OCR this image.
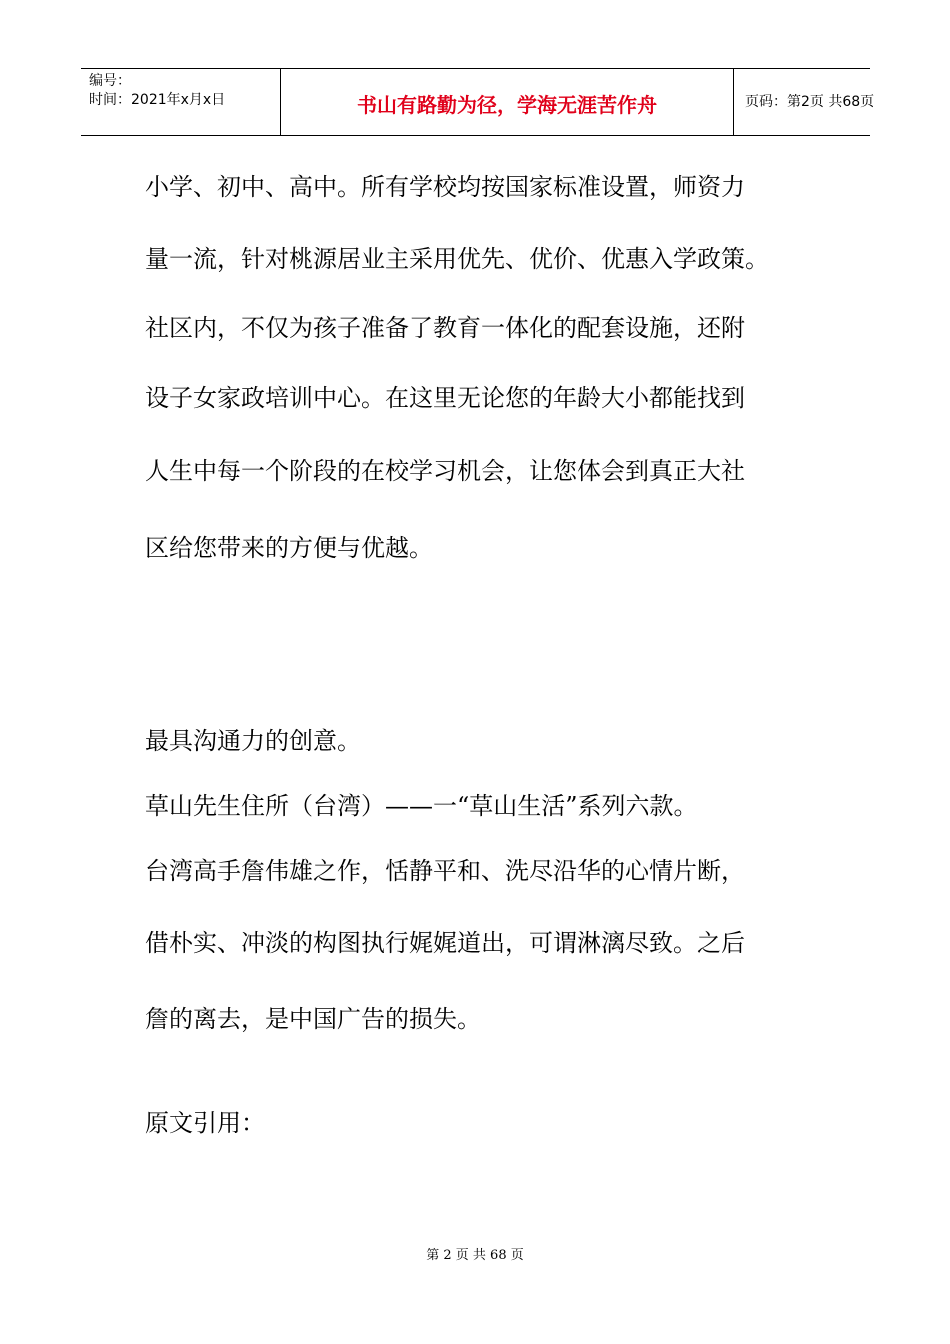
编号：
时间：2021年x月x日	书山有路勤为径，学海无涯苦作舟	页码：第2页 共68页
小学、初中、高中。所有学校均按国家标准设置，师资力
量一流，针对桃源居业主采用优先、优价、优惠入学政策。
社区内，不仅为孩子准备了教育一体化的配套设施，还附
设子女家政培训中心。在这里无论您的年龄大小都能找到
人生中每一个阶段的在校学习机会，让您体会到真正大社
区给您带来的方便与优越。
最具沟通力的创意。
草山先生住所（台湾）——一“草山生活”系列六款。
台湾高手詹伟雄之作，恬静平和、洗尽沿华的心情片断，
借朴实、冲淡的构图执行娓娓道出，可谓淋漓尽致。之后
詹的离去，是中国广告的损失。
原文引用：
第 2 页 共 68 页
